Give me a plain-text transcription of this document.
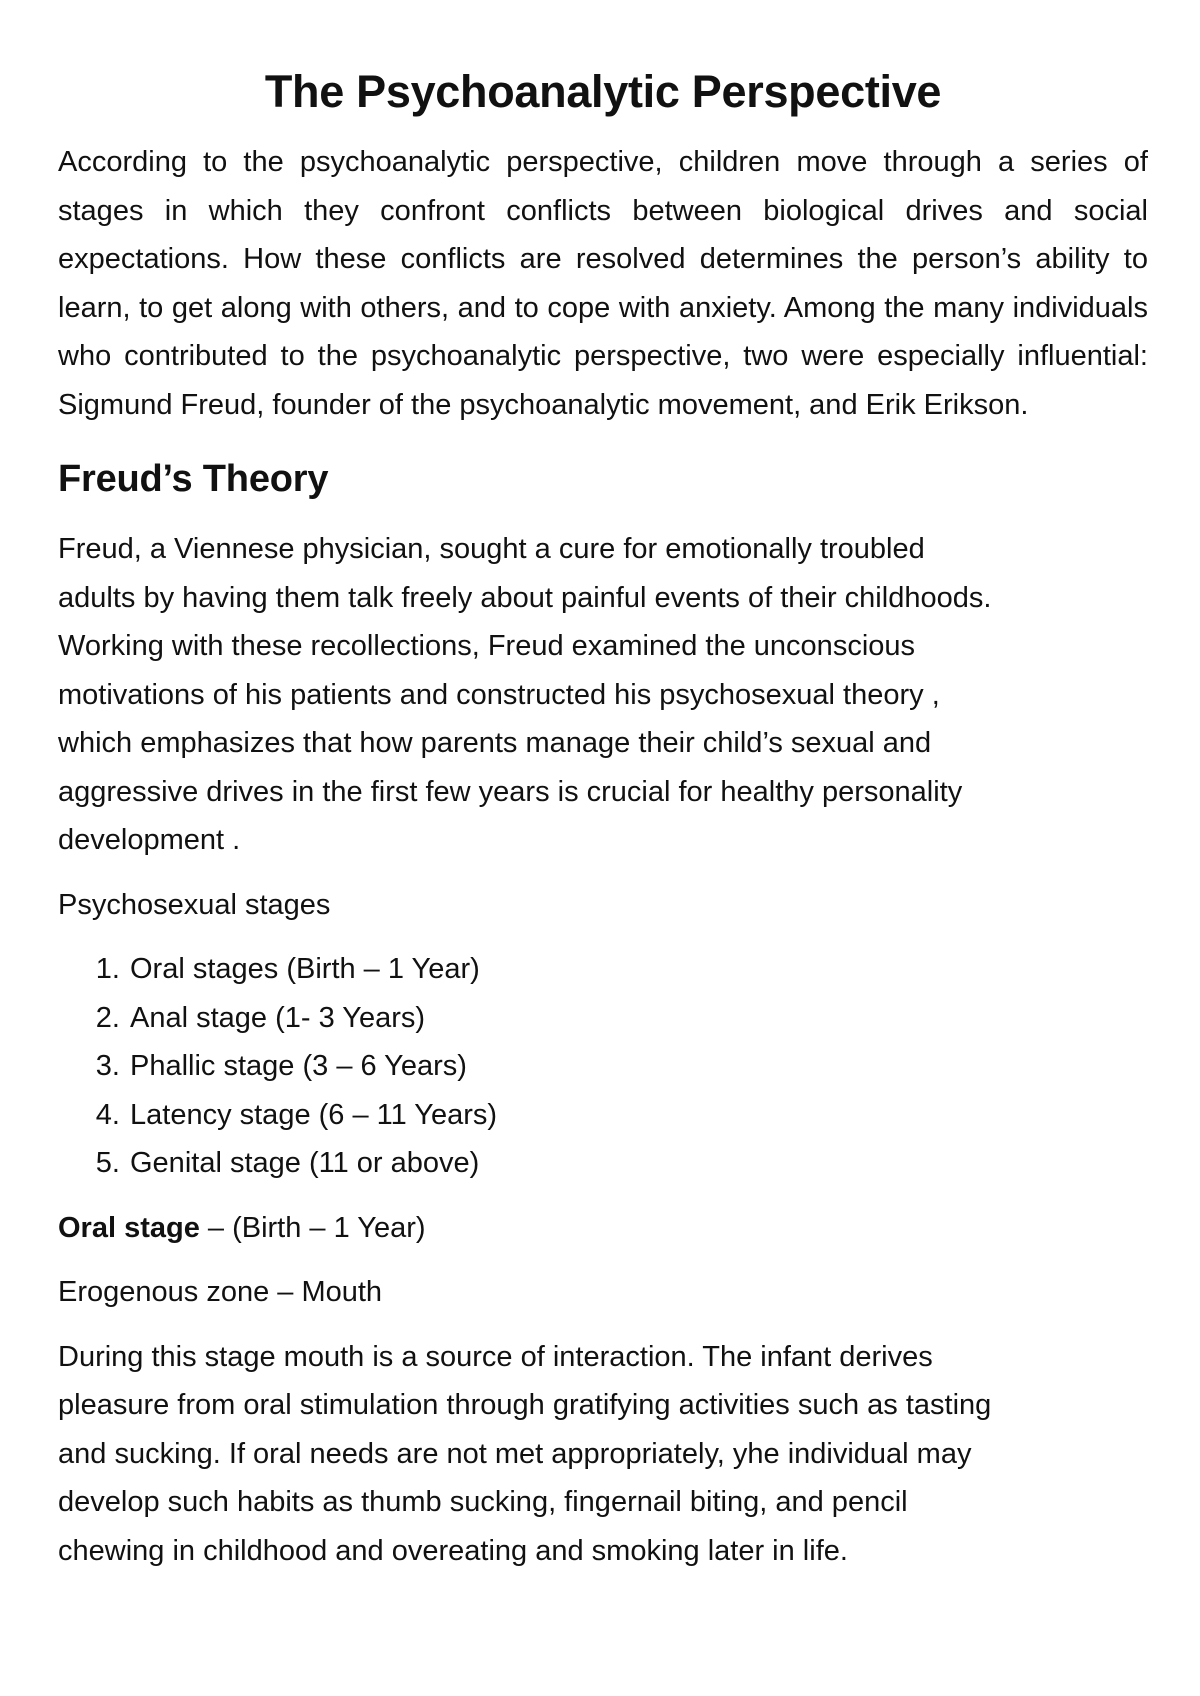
The Psychoanalytic Perspective

According to the psychoanalytic perspective, children move through a series of stages in which they confront conflicts between biological drives and social expectations. How these conflicts are resolved determines the person’s ability to learn, to get along with others, and to cope with anxiety. Among the many individuals who contributed to the psychoanalytic perspective, two were especially influential: Sigmund Freud, founder of the psychoanalytic movement, and Erik Erikson.

Freud’s Theory
Freud, a Viennese physician, sought a cure for emotionally troubled
adults by having them talk freely about painful events of their childhoods.
Working with these recollections, Freud examined the unconscious
motivations of his patients and constructed his psychosexual theory ,
which emphasizes that how parents manage their child’s sexual and
aggressive drives in the first few years is crucial for healthy personality
development .

Psychosexual stages

1. Oral stages (Birth – 1 Year)
2. Anal stage (1- 3 Years)
3. Phallic stage (3 – 6 Years)
4. Latency stage (6 – 11 Years)
5. Genital stage (11 or above)

Oral stage – (Birth – 1 Year)

Erogenous zone – Mouth

During this stage mouth is a source of interaction. The infant derives
pleasure from oral stimulation through gratifying activities such as tasting
and sucking. If oral needs are not met appropriately, yhe individual may
develop such habits as thumb sucking, fingernail biting, and pencil
chewing in childhood and overeating and smoking later in life.
